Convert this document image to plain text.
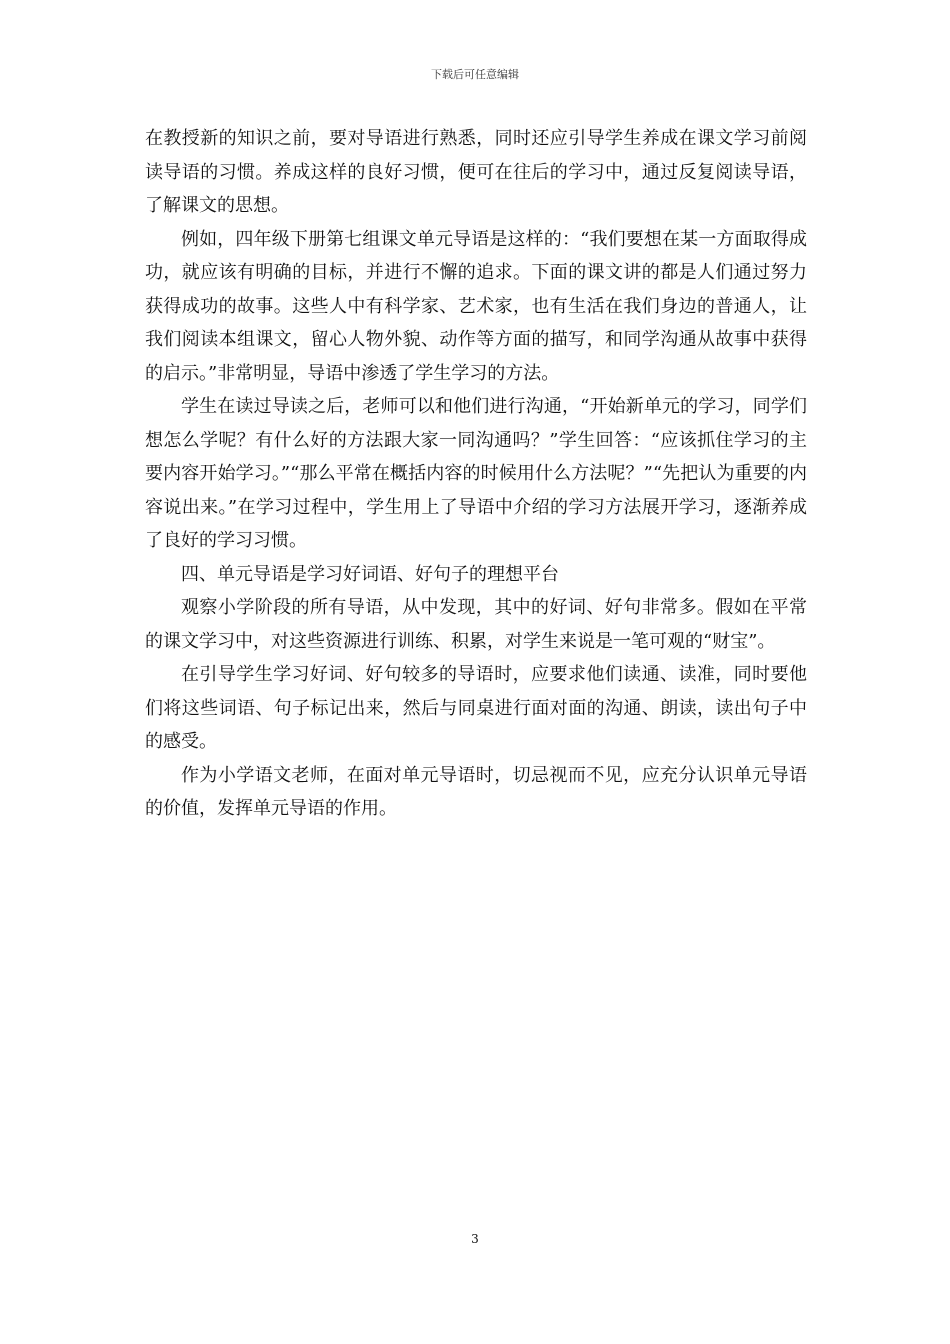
下载后可任意编辑

在教授新的知识之前，要对导语进行熟悉，同时还应引导学生养成在课文学习前阅读导语的习惯。养成这样的良好习惯，便可在往后的学习中，通过反复阅读导语，了解课文的思想。

例如，四年级下册第七组课文单元导语是这样的：“我们要想在某一方面取得成功，就应该有明确的目标，并进行不懈的追求。下面的课文讲的都是人们通过努力获得成功的故事。这些人中有科学家、艺术家，也有生活在我们身边的普通人，让我们阅读本组课文，留心人物外貌、动作等方面的描写，和同学沟通从故事中获得的启示。”非常明显，导语中渗透了学生学习的方法。

学生在读过导读之后，老师可以和他们进行沟通，“开始新单元的学习，同学们想怎么学呢？有什么好的方法跟大家一同沟通吗？”学生回答：“应该抓住学习的主要内容开始学习。”“那么平常在概括内容的时候用什么方法呢？”“先把认为重要的内容说出来。”在学习过程中，学生用上了导语中介绍的学习方法展开学习，逐渐养成了良好的学习习惯。

四、单元导语是学习好词语、好句子的理想平台

观察小学阶段的所有导语，从中发现，其中的好词、好句非常多。假如在平常的课文学习中，对这些资源进行训练、积累，对学生来说是一笔可观的“财宝”。

在引导学生学习好词、好句较多的导语时，应要求他们读通、读准，同时要他们将这些词语、句子标记出来，然后与同桌进行面对面的沟通、朗读，读出句子中的感受。

作为小学语文老师，在面对单元导语时，切忌视而不见，应充分认识单元导语的价值，发挥单元导语的作用。

3
